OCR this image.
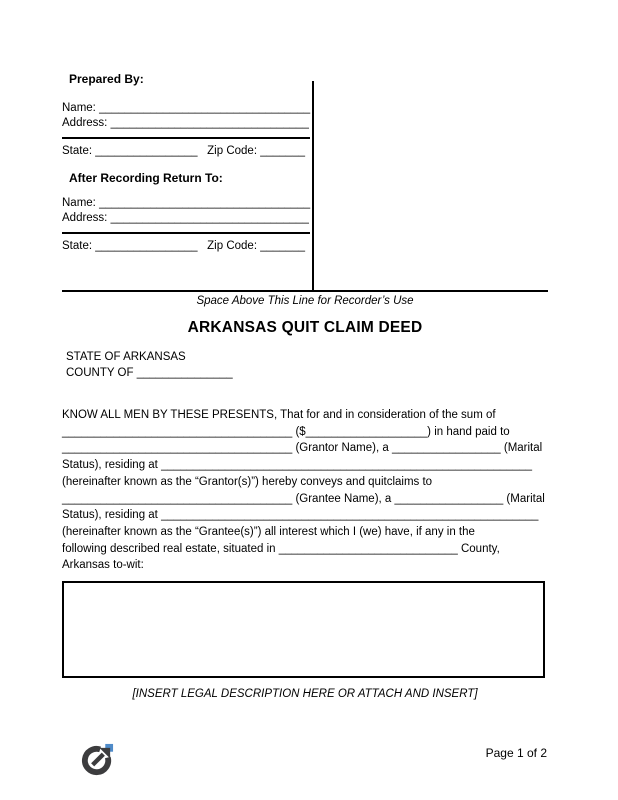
Prepared By:
Name: _________________________________
Address: _______________________________
State: ________________   Zip Code: _______
After Recording Return To:
Name: _________________________________
Address: _______________________________
State: ________________   Zip Code: _______
Space Above This Line for Recorder’s Use
ARKANSAS QUIT CLAIM DEED
STATE OF ARKANSAS
COUNTY OF _______________
KNOW ALL MEN BY THESE PRESENTS, That for and in consideration of the sum of
____________________________________ ($___________________) in hand paid to
____________________________________ (Grantor Name), a _________________ (Marital
Status), residing at __________________________________________________________
(hereinafter known as the “Grantor(s)”) hereby conveys and quitclaims to
____________________________________ (Grantee Name), a _________________ (Marital
Status), residing at ___________________________________________________________
(hereinafter known as the “Grantee(s)”) all interest which I (we) have, if any in the
following described real estate, situated in ____________________________ County,
Arkansas to-wit:
[INSERT LEGAL DESCRIPTION HERE OR ATTACH AND INSERT]
Page 1 of 2
